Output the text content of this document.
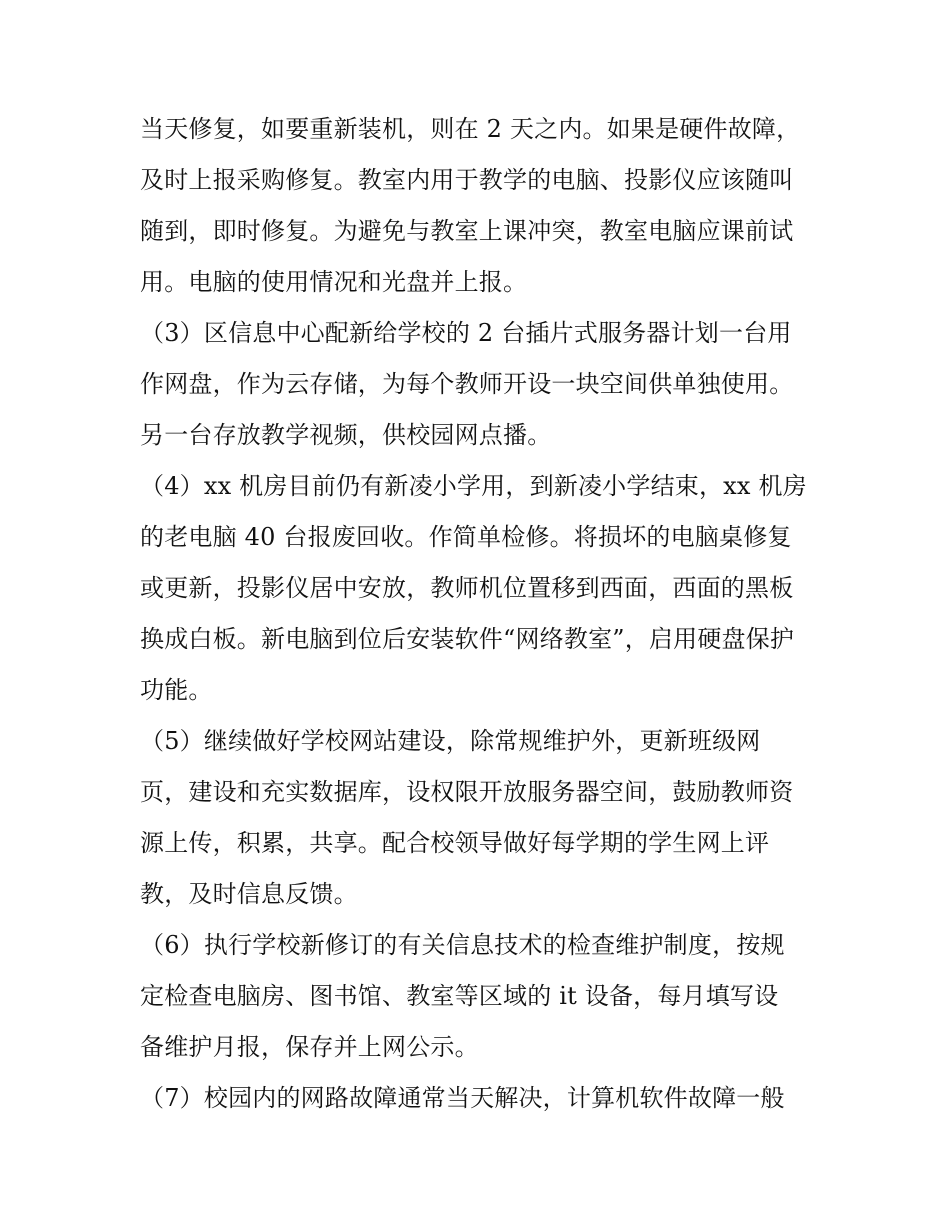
当天修复，如要重新装机，则在 2 天之内。如果是硬件故障，
及时上报采购修复。教室内用于教学的电脑、投影仪应该随叫
随到，即时修复。为避免与教室上课冲突，教室电脑应课前试
用。电脑的使用情况和光盘并上报。
（3）区信息中心配新给学校的 2 台插片式服务器计划一台用
作网盘，作为云存储，为每个教师开设一块空间供单独使用。
另一台存放教学视频，供校园网点播。
（4）xx 机房目前仍有新凌小学用，到新凌小学结束，xx 机房
的老电脑 40 台报废回收。作简单检修。将损坏的电脑桌修复
或更新，投影仪居中安放，教师机位置移到西面，西面的黑板
换成白板。新电脑到位后安装软件“网络教室”，启用硬盘保护
功能。
（5）继续做好学校网站建设，除常规维护外，更新班级网
页，建设和充实数据库，设权限开放服务器空间，鼓励教师资
源上传，积累，共享。配合校领导做好每学期的学生网上评
教，及时信息反馈。
（6）执行学校新修订的有关信息技术的检查维护制度，按规
定检查电脑房、图书馆、教室等区域的 it 设备，每月填写设
备维护月报，保存并上网公示。
（7）校园内的网路故障通常当天解决，计算机软件故障一般
